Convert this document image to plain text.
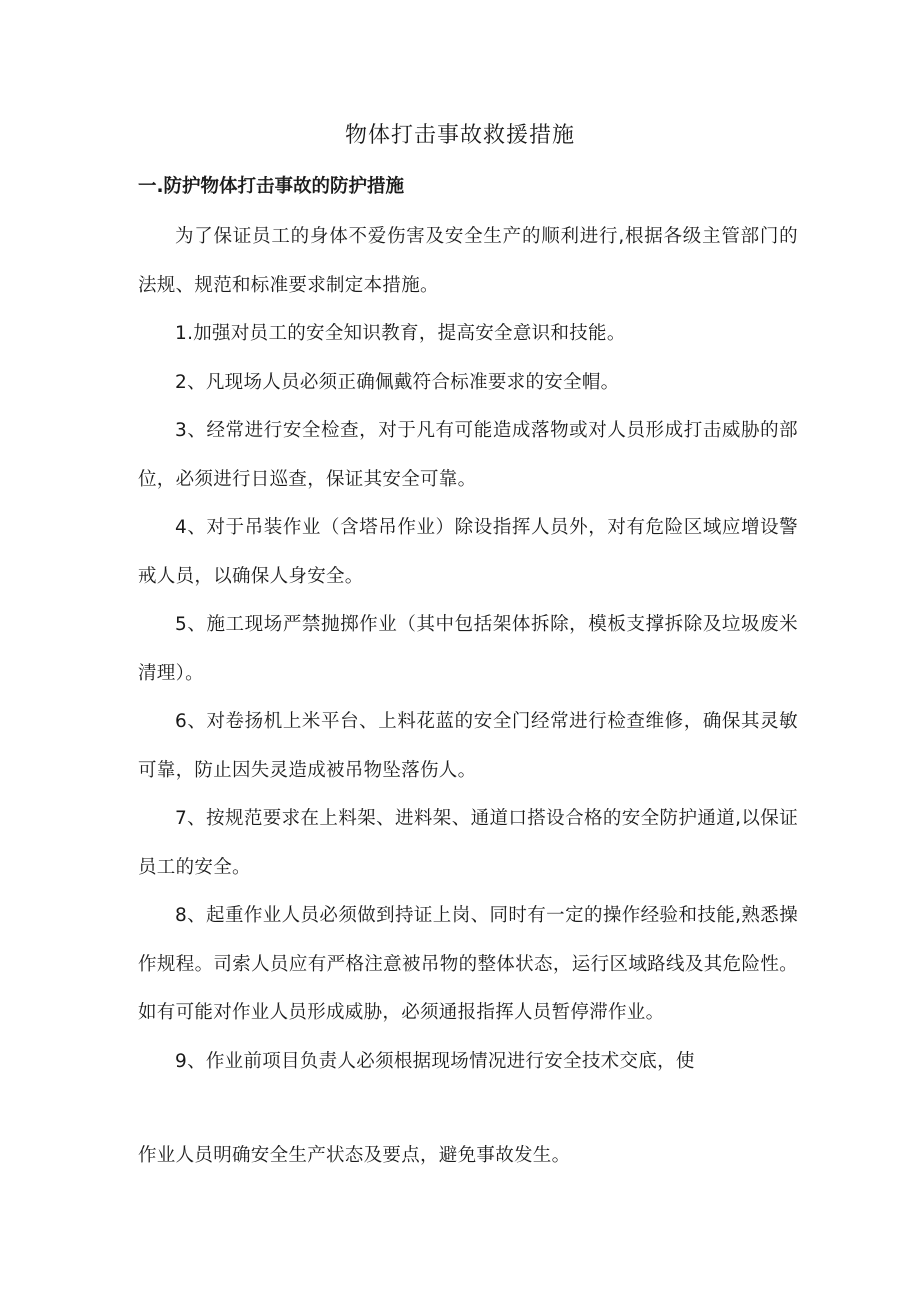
物体打击事故救援措施
一.防护物体打击事故的防护措施

为了保证员工的身体不爱伤害及安全生产的顺利进行,根据各级主管部门的法规、规范和标准要求制定本措施。

1.加强对员工的安全知识教育，提高安全意识和技能。

2、凡现场人员必须正确佩戴符合标准要求的安全帽。

3、经常进行安全检查，对于凡有可能造成落物或对人员形成打击威胁的部位，必须进行日巡查，保证其安全可靠。

4、对于吊装作业（含塔吊作业）除设指挥人员外，对有危险区域应增设警戒人员，以确保人身安全。

5、施工现场严禁抛掷作业（其中包括架体拆除，模板支撑拆除及垃圾废米清理）。

6、对卷扬机上米平台、上料花蓝的安全门经常进行检查维修，确保其灵敏可靠，防止因失灵造成被吊物坠落伤人。

7、按规范要求在上料架、进料架、通道口搭设合格的安全防护通道,以保证员工的安全。

8、起重作业人员必须做到持证上岗、同时有一定的操作经验和技能,熟悉操作规程。司索人员应有严格注意被吊物的整体状态，运行区域路线及其危险性。如有可能对作业人员形成威胁，必须通报指挥人员暂停滞作业。

9、作业前项目负责人必须根据现场情况进行安全技术交底，使

作业人员明确安全生产状态及要点，避免事故发生。
